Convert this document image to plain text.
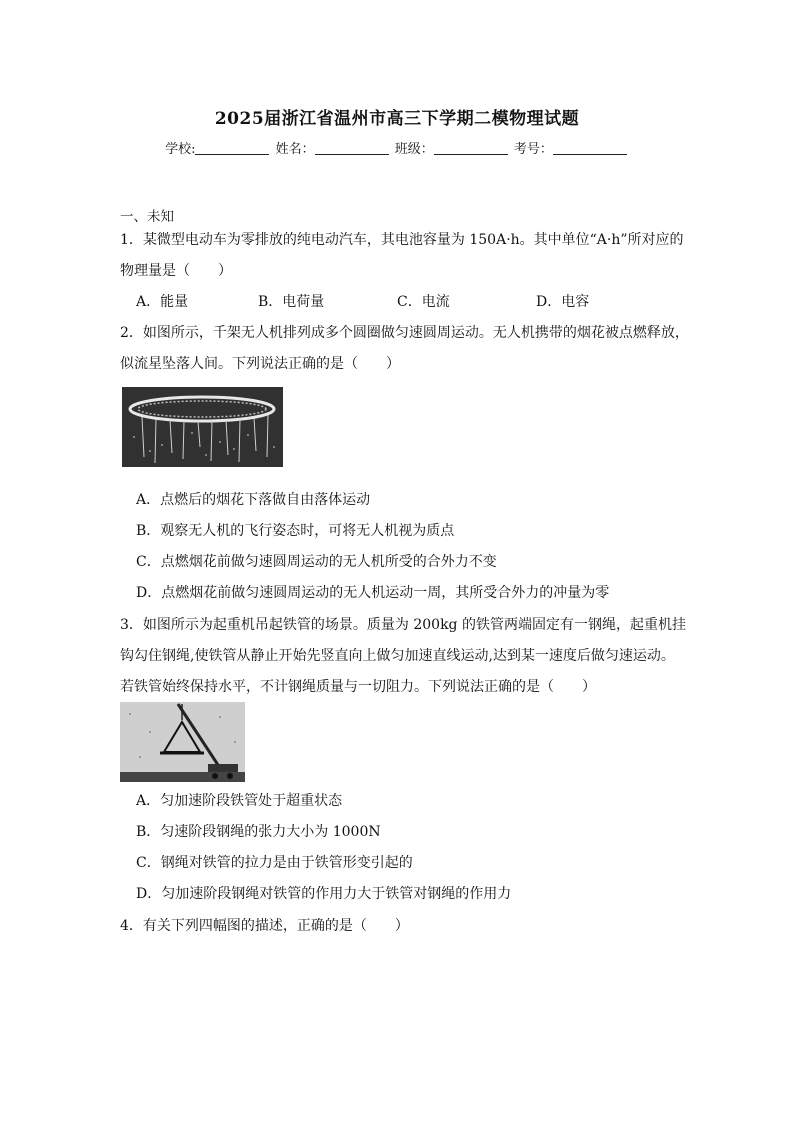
2025届浙江省温州市高三下学期二模物理试题
学校:	姓名：	班级：	考号：
一、未知
1．某微型电动车为零排放的纯电动汽车，其电池容量为 150A·h。其中单位“A·h”所对应的
物理量是（　　）
A．能量	B．电荷量	C．电流	D．电容
2．如图所示，千架无人机排列成多个圆圈做匀速圆周运动。无人机携带的烟花被点燃释放，
似流星坠落人间。下列说法正确的是（　　）
A．点燃后的烟花下落做自由落体运动
B．观察无人机的飞行姿态时，可将无人机视为质点
C．点燃烟花前做匀速圆周运动的无人机所受的合外力不变
D．点燃烟花前做匀速圆周运动的无人机运动一周，其所受合外力的冲量为零
3．如图所示为起重机吊起铁管的场景。质量为 200kg 的铁管两端固定有一钢绳，起重机挂
钩勾住钢绳,使铁管从静止开始先竖直向上做匀加速直线运动,达到某一速度后做匀速运动。
若铁管始终保持水平，不计钢绳质量与一切阻力。下列说法正确的是（　　）
A．匀加速阶段铁管处于超重状态
B．匀速阶段钢绳的张力大小为 1000N
C．钢绳对铁管的拉力是由于铁管形变引起的
D．匀加速阶段钢绳对铁管的作用力大于铁管对钢绳的作用力
4．有关下列四幅图的描述，正确的是（　　）
